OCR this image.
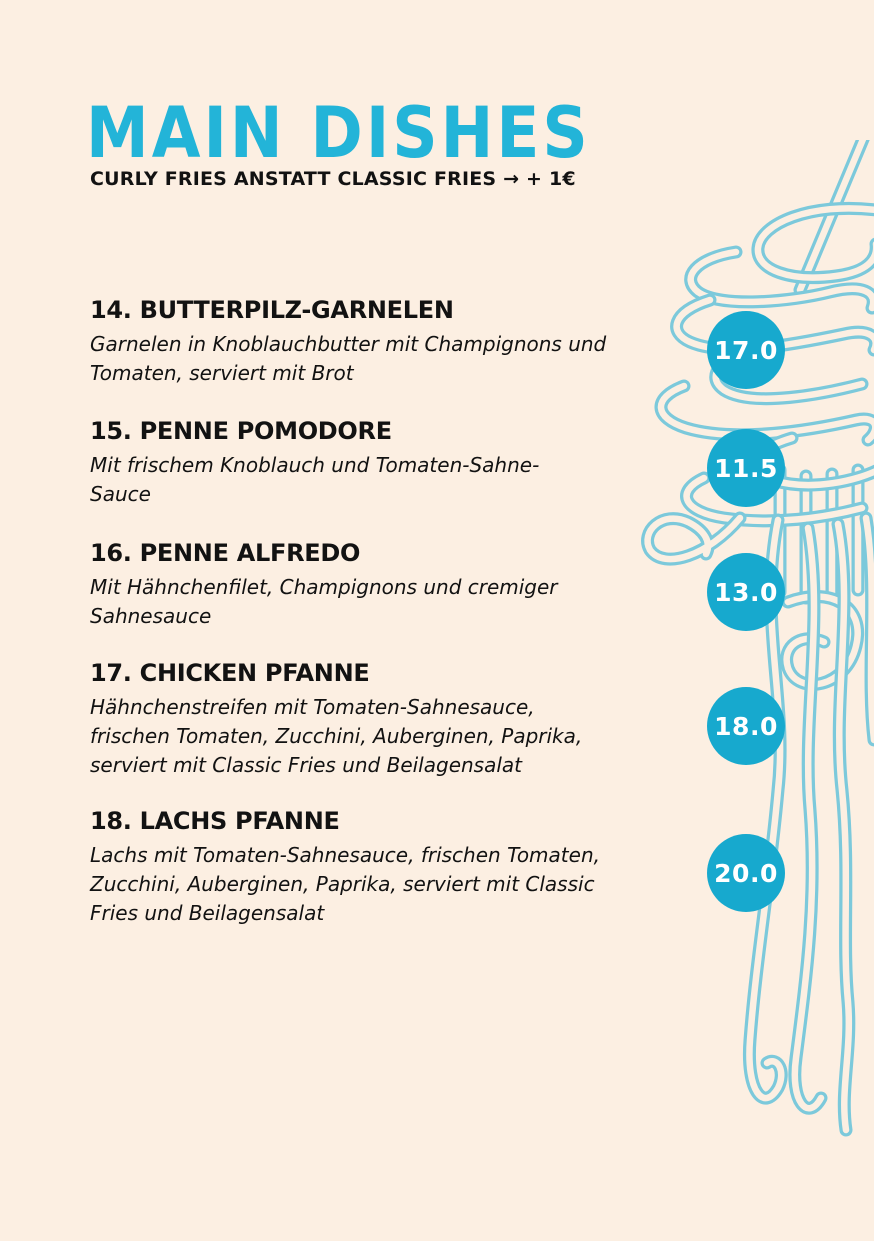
MAIN DISHES
CURLY FRIES ANSTATT CLASSIC FRIES → + 1€
14. BUTTERPILZ-GARNELEN
Garnelen in Knoblauchbutter mit Champignons und
Tomaten, serviert mit Brot
15. PENNE POMODORE
Mit frischem Knoblauch und Tomaten-Sahne-
Sauce
16. PENNE ALFREDO
Mit Hähnchenfilet, Champignons und cremiger
Sahnesauce
17. CHICKEN PFANNE
Hähnchenstreifen mit Tomaten-Sahnesauce,
frischen Tomaten, Zucchini, Auberginen, Paprika,
serviert mit Classic Fries und Beilagensalat
18. LACHS PFANNE
Lachs mit Tomaten-Sahnesauce, frischen Tomaten,
Zucchini, Auberginen, Paprika, serviert mit Classic
Fries und Beilagensalat
17.0
11.5
13.0
18.0
20.0
